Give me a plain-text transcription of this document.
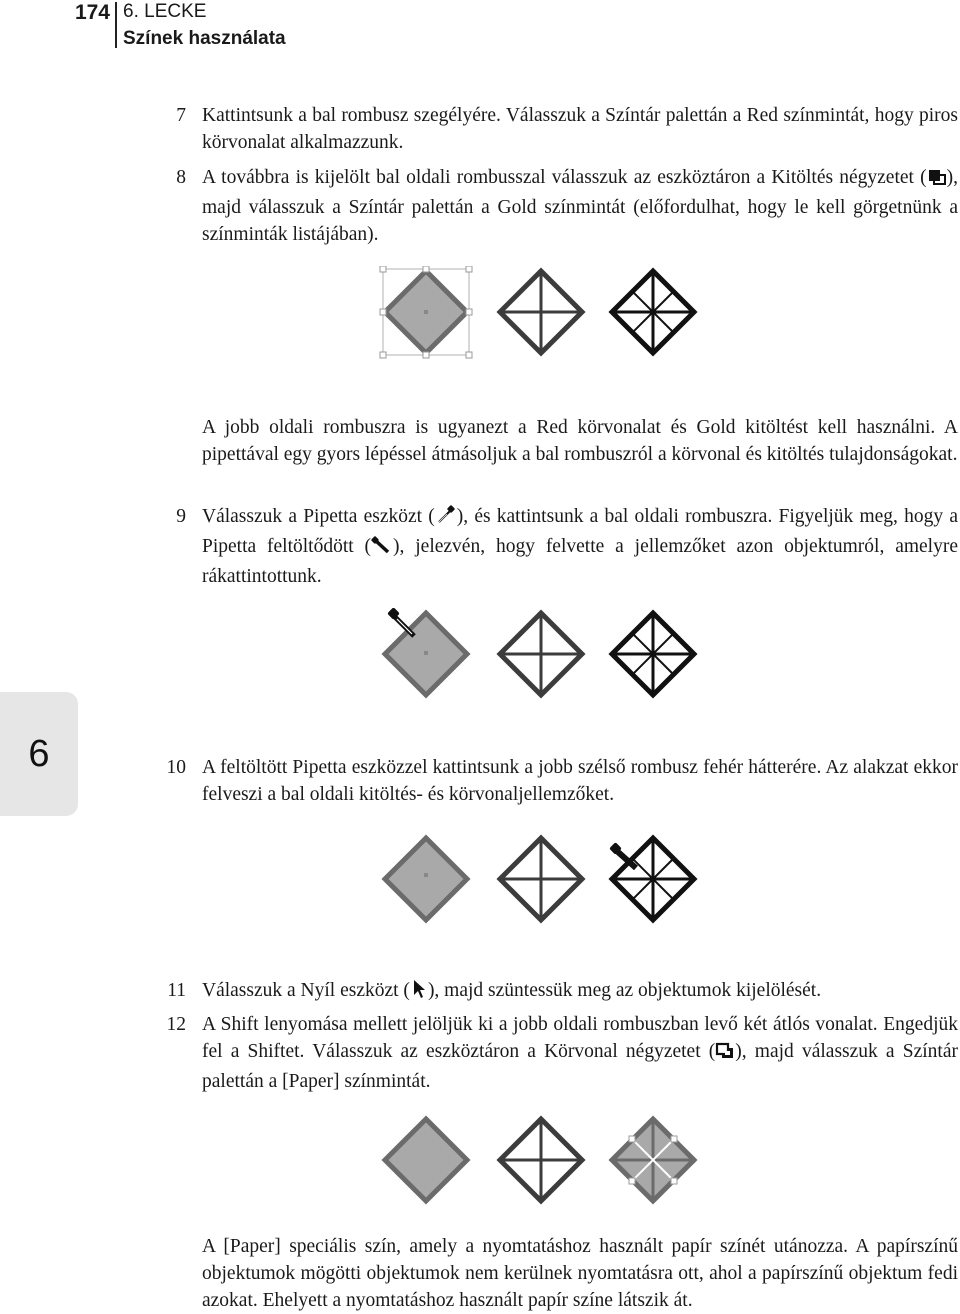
174 6. LECKE
Színek használata
6
7 Kattintsunk a bal rombusz szegélyére. Válasszuk a Színtár palettán a Red színmintát, hogy piros körvonalat alkalmazzunk.
8 A továbbra is kijelölt bal oldali rombusszal válasszuk az eszköztáron a Kitöltés négyzetet ( ), majd válasszuk a Színtár palettán a Gold színmintát (előfordulhat, hogy le kell görgetnünk a színminták listájában).
A jobb oldali rombuszra is ugyanezt a Red körvonalat és Gold kitöltést kell használni. A pipettával egy gyors lépéssel átmásoljuk a bal rombuszról a körvonal és kitöltés tulajdonságokat.
9 Válasszuk a Pipetta eszközt ( ), és kattintsunk a bal oldali rombuszra. Figyeljük meg, hogy a Pipetta feltöltődött ( ), jelezvén, hogy felvette a jellemzőket azon objektumról, amelyre rákattintottunk.
10 A feltöltött Pipetta eszközzel kattintsunk a jobb szélső rombusz fehér hátterére. Az alakzat ekkor felveszi a bal oldali kitöltés- és körvonaljellemzőket.
11 Válasszuk a Nyíl eszközt ( ), majd szüntessük meg az objektumok kijelölését.
12 A Shift lenyomása mellett jelöljük ki a jobb oldali rombuszban levő két átlós vonalat. Engedjük fel a Shiftet. Válasszuk az eszköztáron a Körvonal négyzetet ( ), majd válasszuk a Színtár palettán a [Paper] színmintát.
A [Paper] speciális szín, amely a nyomtatáshoz használt papír színét utánozza. A papírszínű objektumok mögötti objektumok nem kerülnek nyomtatásra ott, ahol a papírszínű objektum fedi azokat. Ehelyett a nyomtatáshoz használt papír színe látszik át.
